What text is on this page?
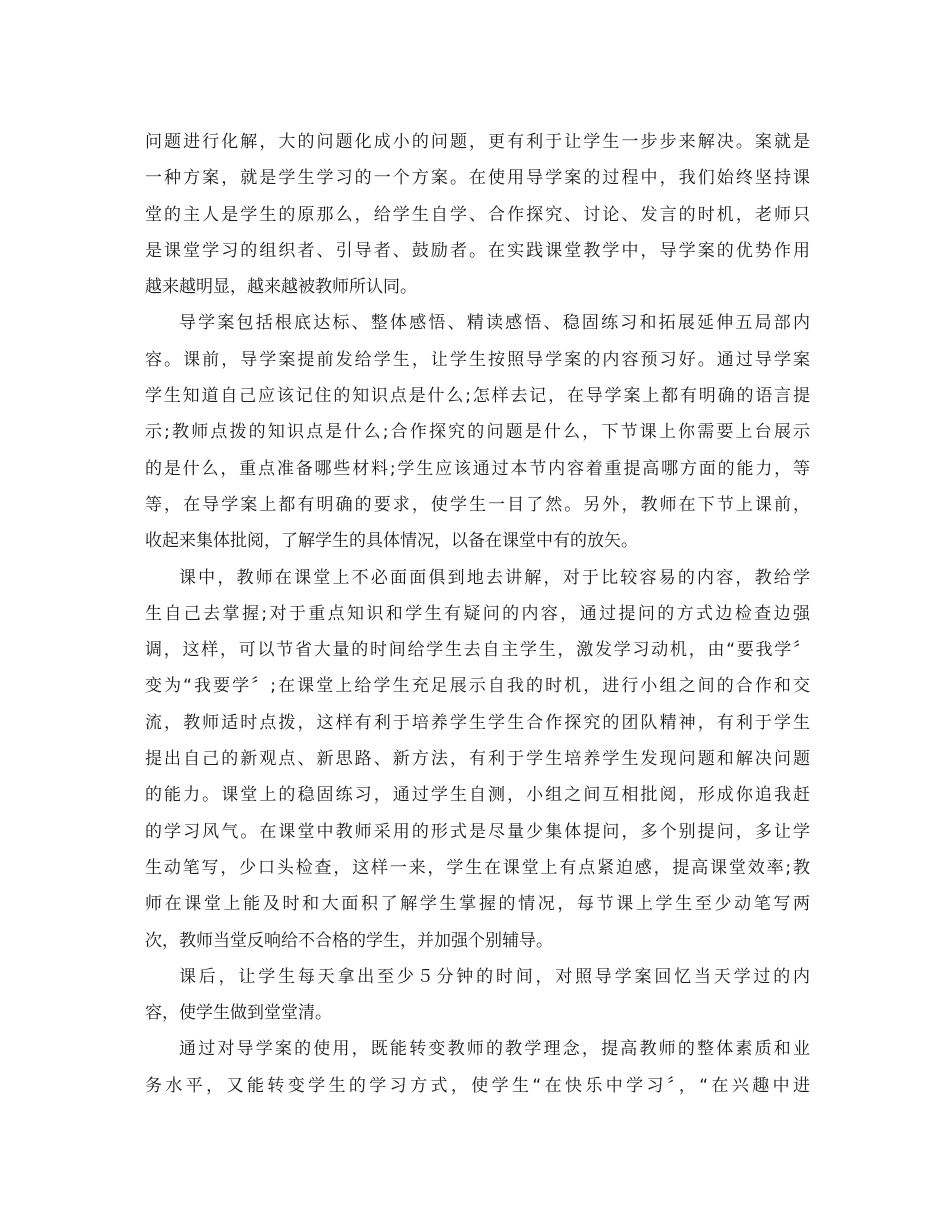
问题进行化解，大的问题化成小的问题，更有利于让学生一步步来解决。案就是
一种方案，就是学生学习的一个方案。在使用导学案的过程中，我们始终坚持课
堂的主人是学生的原那么，给学生自学、合作探究、讨论、发言的时机，老师只
是课堂学习的组织者、引导者、鼓励者。在实践课堂教学中，导学案的优势作用
越来越明显，越来越被教师所认同。
导学案包括根底达标、整体感悟、精读感悟、稳固练习和拓展延伸五局部内
容。课前，导学案提前发给学生，让学生按照导学案的内容预习好。通过导学案
学生知道自己应该记住的知识点是什么;怎样去记，在导学案上都有明确的语言提
示;教师点拨的知识点是什么;合作探究的问题是什么，下节课上你需要上台展示
的是什么，重点准备哪些材料;学生应该通过本节内容着重提高哪方面的能力，等
等，在导学案上都有明确的要求，使学生一目了然。另外，教师在下节上课前，
收起来集体批阅，了解学生的具体情况，以备在课堂中有的放矢。
课中，教师在课堂上不必面面俱到地去讲解，对于比较容易的内容，教给学
生自己去掌握;对于重点知识和学生有疑问的内容，通过提问的方式边检查边强
调，这样，可以节省大量的时间给学生去自主学生，激发学习动机，由“要我学〞
变为“我要学〞;在课堂上给学生充足展示自我的时机，进行小组之间的合作和交
流，教师适时点拨，这样有利于培养学生学生合作探究的团队精神，有利于学生
提出自己的新观点、新思路、新方法，有利于学生培养学生发现问题和解决问题
的能力。课堂上的稳固练习，通过学生自测，小组之间互相批阅，形成你追我赶
的学习风气。在课堂中教师采用的形式是尽量少集体提问，多个别提问，多让学
生动笔写，少口头检查，这样一来，学生在课堂上有点紧迫感，提高课堂效率;教
师在课堂上能及时和大面积了解学生掌握的情况，每节课上学生至少动笔写两
次，教师当堂反响给不合格的学生，并加强个别辅导。
课后，让学生每天拿出至少５分钟的时间，对照导学案回忆当天学过的内
容，使学生做到堂堂清。
通过对导学案的使用，既能转变教师的教学理念，提高教师的整体素质和业
务水平，又能转变学生的学习方式，使学生“在快乐中学习〞，“在兴趣中进
